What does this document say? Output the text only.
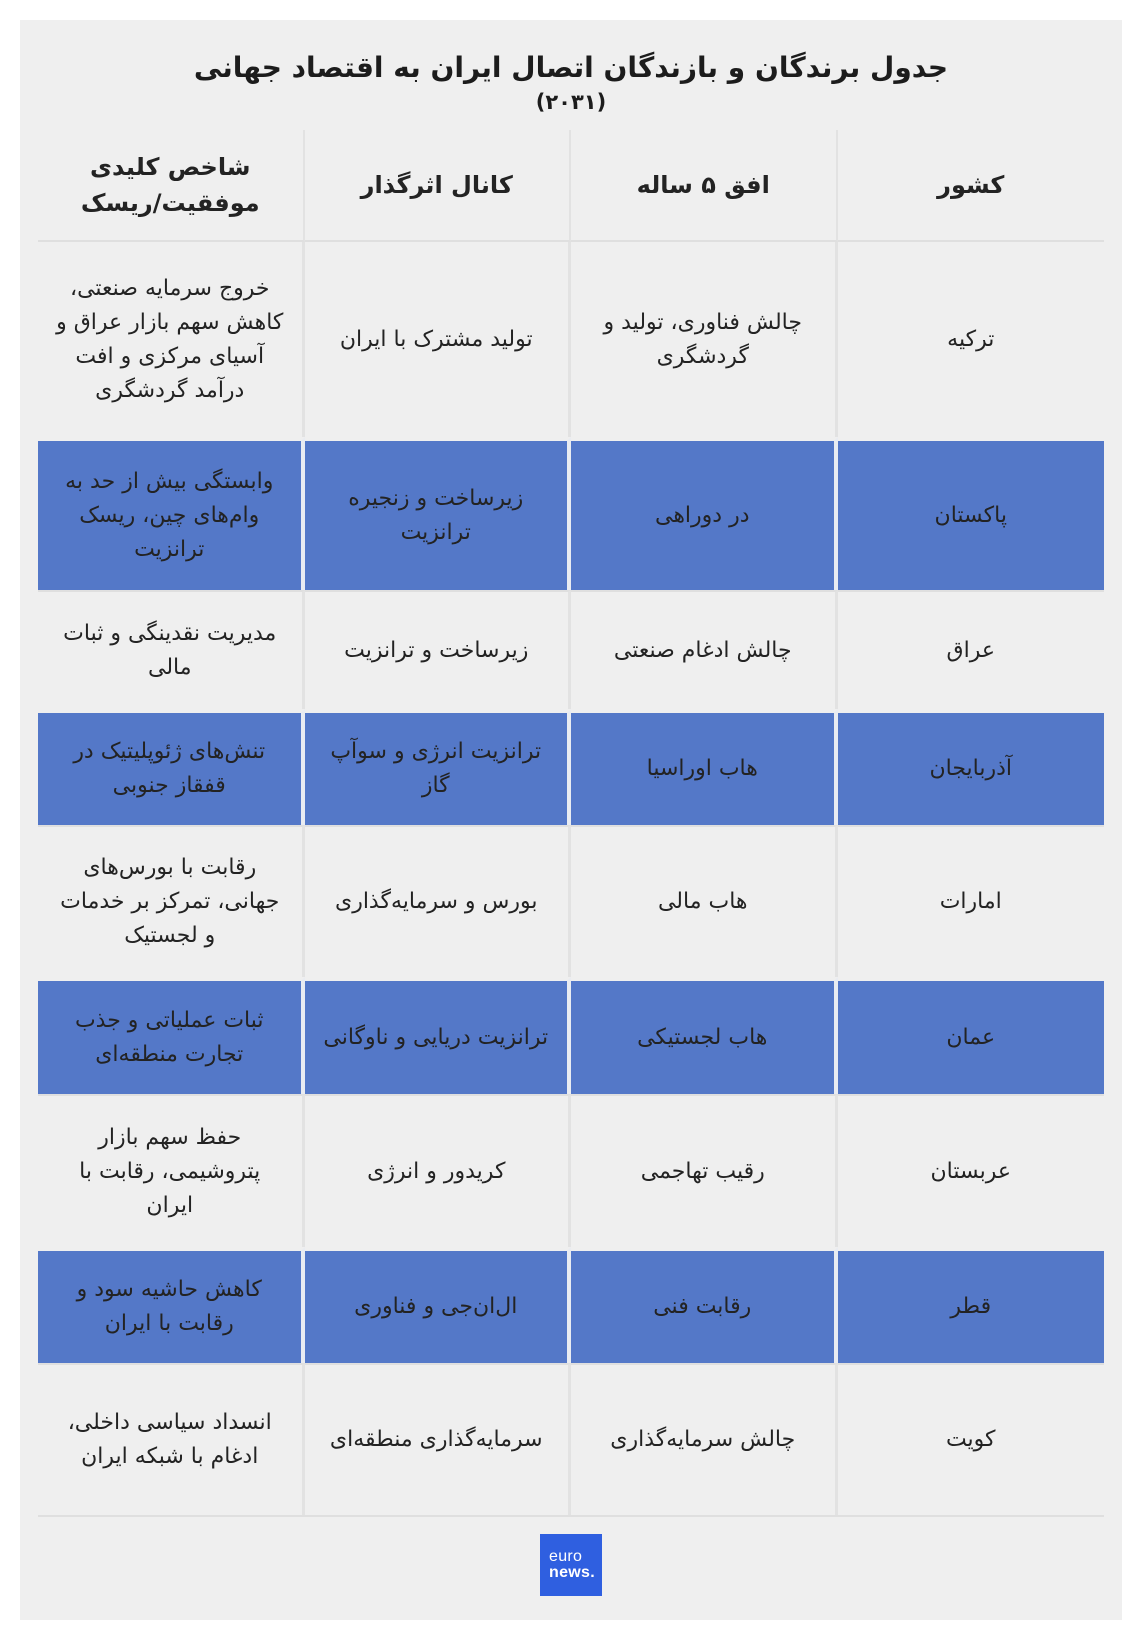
جدول برندگان و بازندگان اتصال ایران به اقتصاد جهانی
(۲۰۳۱)
کشور	افق ۵ ساله	کانال اثرگذار	شاخص کلیدی موفقیت/ریسک
ترکیه	چالش فناوری، تولید و گردشگری	تولید مشترک با ایران	خروج سرمایه صنعتی، کاهش سهم بازار عراق و آسیای مرکزی و افت درآمد گردشگری
پاکستان	در دوراهی	زیرساخت و زنجیره ترانزیت	وابستگی بیش از حد به وام‌های چین، ریسک ترانزیت
عراق	چالش ادغام صنعتی	زیرساخت و ترانزیت	مدیریت نقدینگی و ثبات مالی
آذربایجان	هاب اوراسیا	ترانزیت انرژی و سوآپ گاز	تنش‌های ژئوپلیتیک در قفقاز جنوبی
امارات	هاب مالی	بورس و سرمایه‌گذاری	رقابت با بورس‌های جهانی، تمرکز بر خدمات و لجستیک
عمان	هاب لجستیکی	ترانزیت دریایی و ناوگانی	ثبات عملیاتی و جذب تجارت منطقه‌ای
عربستان	رقیب تهاجمی	کریدور و انرژی	حفظ سهم بازار پتروشیمی، رقابت با ایران
قطر	رقابت فنی	ال‌ان‌جی و فناوری	کاهش حاشیه سود و رقابت با ایران
کویت	چالش سرمایه‌گذاری	سرمایه‌گذاری منطقه‌ای	انسداد سیاسی داخلی، ادغام با شبکه ایران
euro
news.
